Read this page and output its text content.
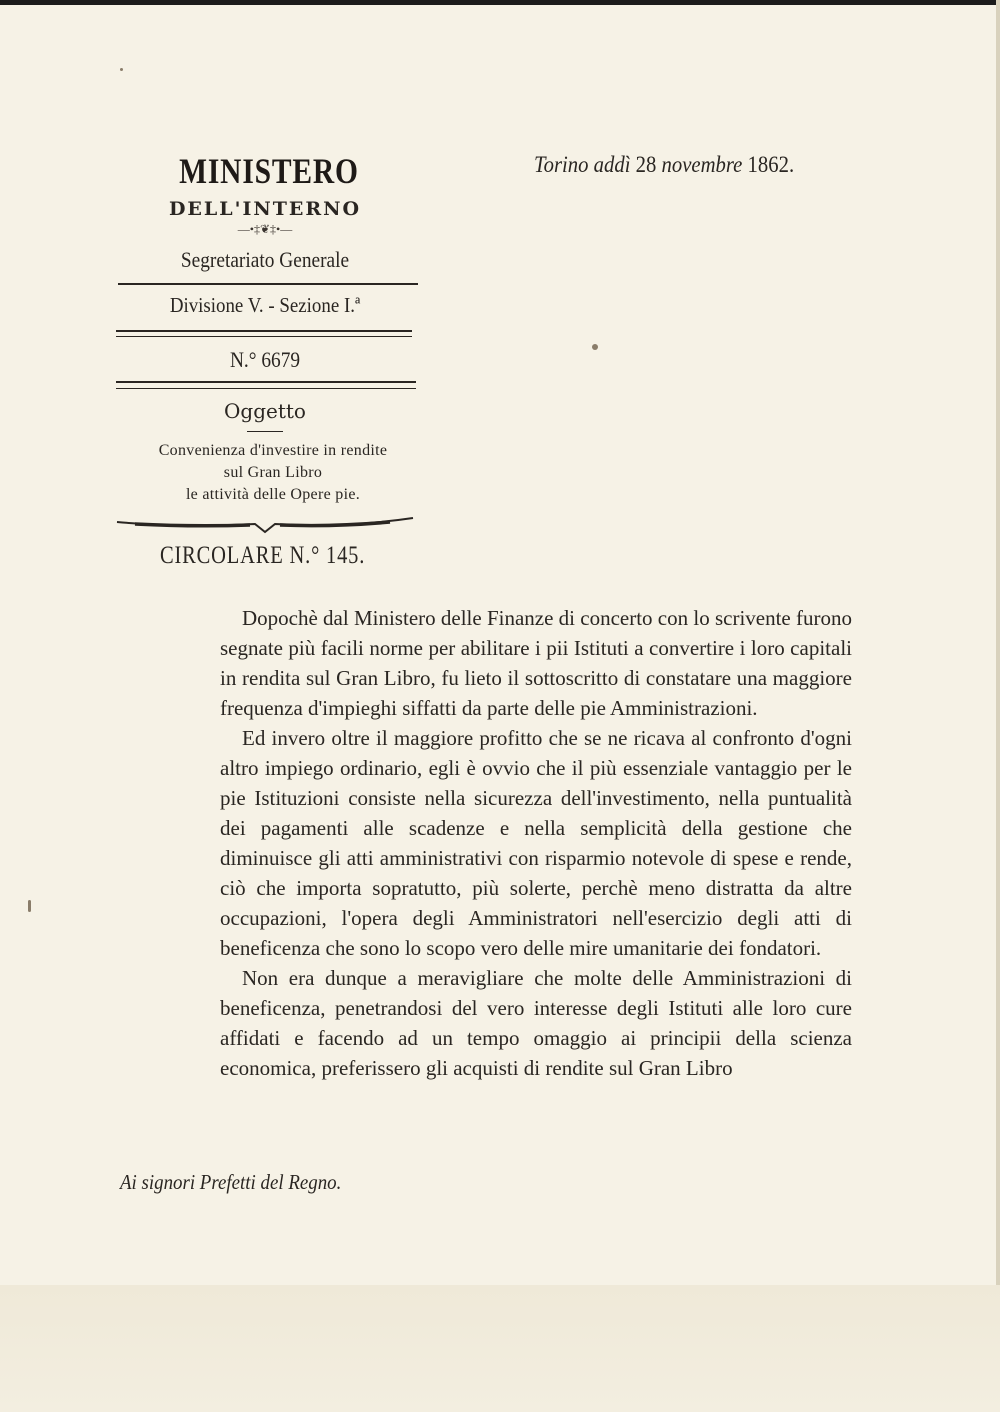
MINISTERO
DELL'INTERNO
—•‡❦‡•—
Segretariato Generale
Divisione V. - Sezione I.ª
N.° 6679
Oggetto
Convenienza d'investire in rendite
sul Gran Libro
le attività delle Opere pie.
CIRCOLARE N.° 145.
Torino addì 28 novembre 1862.

Dopochè dal Ministero delle Finanze di concerto con lo scrivente furono segnate più facili norme per abilitare i pii Istituti a convertire i loro capitali in rendita sul Gran Libro, fu lieto il sottoscritto di constatare una maggiore frequenza d'impieghi siffatti da parte delle pie Amministrazioni.

Ed invero oltre il maggiore profitto che se ne ricava al confronto d'ogni altro impiego ordinario, egli è ovvio che il più essenziale vantaggio per le pie Istituzioni consiste nella sicurezza dell'investimento, nella puntualità dei pagamenti alle scadenze e nella semplicità della gestione che diminuisce gli atti amministrativi con risparmio notevole di spese e rende, ciò che importa sopratutto, più solerte, perchè meno distratta da altre occupazioni, l'opera degli Amministratori nell'esercizio degli atti di beneficenza che sono lo scopo vero delle mire umanitarie dei fondatori.

Non era dunque a meravigliare che molte delle Amministrazioni di beneficenza, penetrandosi del vero interesse degli Istituti alle loro cure affidati e facendo ad un tempo omaggio ai principii della scienza economica, preferissero gli acquisti di rendite sul Gran Libro

Ai signori Prefetti del Regno.
